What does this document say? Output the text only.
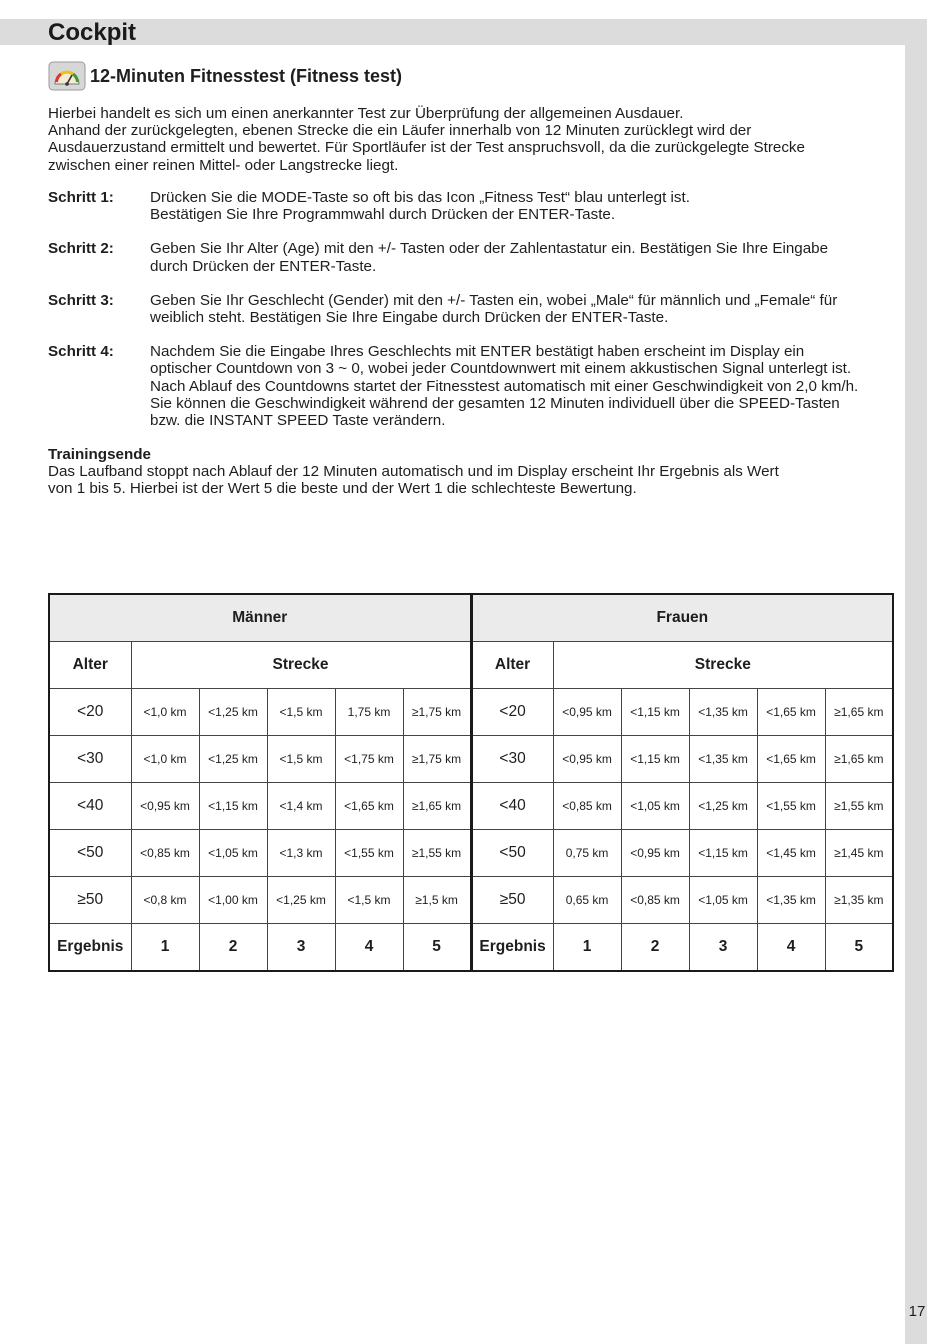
Cockpit
12-Minuten Fitnesstest (Fitness test)

Hierbei handelt es sich um einen anerkannter Test zur Überprüfung der allgemeinen Ausdauer.

Anhand der zurückgelegten, ebenen Strecke die ein Läufer innerhalb von 12 Minuten zurücklegt wird der

Ausdauerzustand ermittelt und bewertet. Für Sportläufer ist der Test anspruchsvoll, da die zurückgelegte Strecke

zwischen einer reinen Mittel- oder Langstrecke liegt.

Schritt 1:	Drücken Sie die MODE-Taste so oft bis das Icon „Fitness Test“ blau unterlegt ist.
Bestätigen Sie Ihre Programmwahl durch Drücken der ENTER-Taste.
Schritt 2:	Geben Sie Ihr Alter (Age) mit den +/- Tasten oder der Zahlentastatur ein. Bestätigen Sie Ihre Eingabe
durch Drücken der ENTER-Taste.
Schritt 3:	Geben Sie Ihr Geschlecht (Gender) mit den +/- Tasten ein, wobei „Male“ für männlich und „Female“ für
weiblich steht. Bestätigen Sie Ihre Eingabe durch Drücken der ENTER-Taste.
Schritt 4:	Nachdem Sie die Eingabe Ihres Geschlechts mit ENTER bestätigt haben erscheint im Display ein
optischer Countdown von 3 ~ 0, wobei jeder Countdownwert mit einem akkustischen Signal unterlegt ist.
Nach Ablauf des Countdowns startet der Fitnesstest automatisch mit einer Geschwindigkeit von 2,0 km/h.
Sie können die Geschwindigkeit während der gesamten 12 Minuten individuell über die SPEED-Tasten
bzw. die INSTANT SPEED Taste verändern.
Trainingsende
Das Laufband stoppt nach Ablauf der 12 Minuten automatisch und im Display erscheint Ihr Ergebnis als Wert
von 1 bis 5. Hierbei ist der Wert 5 die beste und der Wert 1 die schlechteste Bewertung.
Männer						Frauen					
Alter	Strecke					Alter	Strecke				
<20	<1,0 km	<1,25 km	<1,5 km	1,75 km	≥1,75 km	<20	<0,95 km	<1,15 km	<1,35 km	<1,65 km	≥1,65 km
<30	<1,0 km	<1,25 km	<1,5 km	<1,75 km	≥1,75 km	<30	<0,95 km	<1,15 km	<1,35 km	<1,65 km	≥1,65 km
<40	<0,95 km	<1,15 km	<1,4 km	<1,65 km	≥1,65 km	<40	<0,85 km	<1,05 km	<1,25 km	<1,55 km	≥1,55 km
<50	<0,85 km	<1,05 km	<1,3 km	<1,55 km	≥1,55 km	<50	0,75 km	<0,95 km	<1,15 km	<1,45 km	≥1,45 km
≥50	<0,8 km	<1,00 km	<1,25 km	<1,5 km	≥1,5 km	≥50	0,65 km	<0,85 km	<1,05 km	<1,35 km	≥1,35 km
Ergebnis	1	2	3	4	5	Ergebnis	1	2	3	4	5
17
